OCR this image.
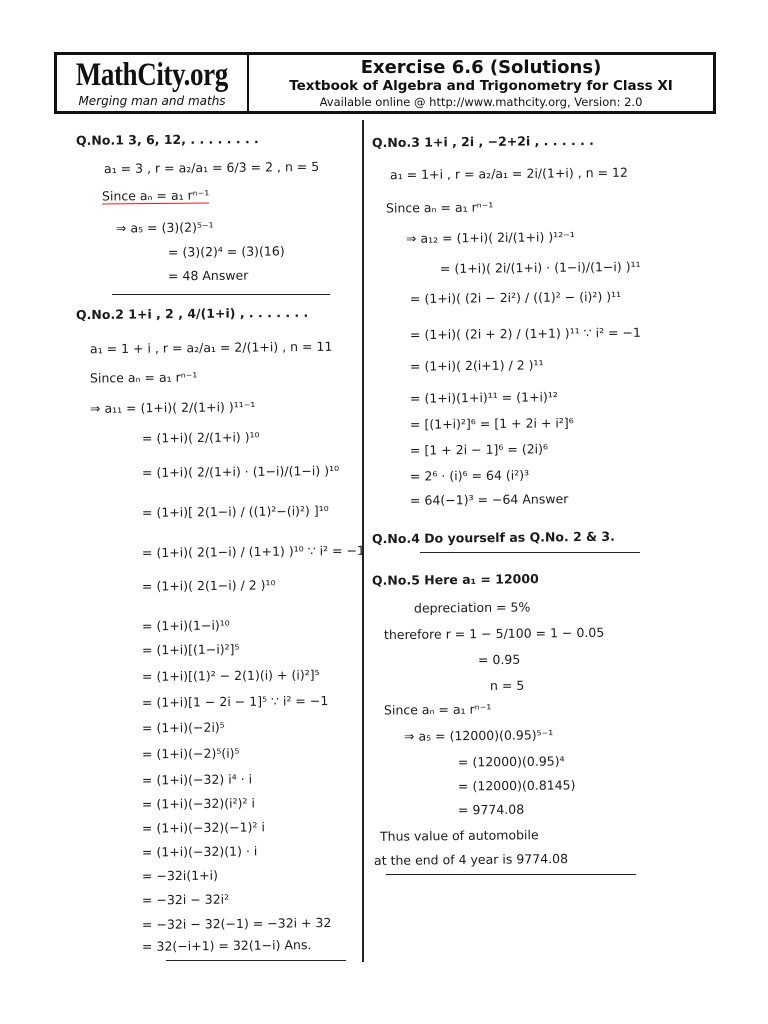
MathCity.org
Merging man and maths
Exercise 6.6 (Solutions)
Textbook of Algebra and Trigonometry for Class XI
Available online @ http://www.mathcity.org, Version: 2.0
Q.No.1 3, 6, 12, . . . . . . . .
a₁ = 3 , r = a₂/a₁ = 6/3 = 2 , n = 5
Since aₙ = a₁ rⁿ⁻¹
⇒ a₅ = (3)(2)⁵⁻¹
= (3)(2)⁴ = (3)(16)
= 48 Answer
Q.No.2 1+i , 2 , 4/(1+i) , . . . . . . .
a₁ = 1 + i , r = a₂/a₁ = 2/(1+i) , n = 11
Since aₙ = a₁ rⁿ⁻¹
⇒ a₁₁ = (1+i)( 2/(1+i) )¹¹⁻¹
= (1+i)( 2/(1+i) )¹⁰
= (1+i)( 2/(1+i) · (1−i)/(1−i) )¹⁰
= (1+i)[ 2(1−i) / ((1)²−(i)²) ]¹⁰
= (1+i)( 2(1−i) / (1+1) )¹⁰ ∵ i² = −1
= (1+i)( 2(1−i) / 2 )¹⁰
= (1+i)(1−i)¹⁰
= (1+i)[(1−i)²]⁵
= (1+i)[(1)² − 2(1)(i) + (i)²]⁵
= (1+i)[1 − 2i − 1]⁵ ∵ i² = −1
= (1+i)(−2i)⁵
= (1+i)(−2)⁵(i)⁵
= (1+i)(−32) i⁴ · i
= (1+i)(−32)(i²)² i
= (1+i)(−32)(−1)² i
= (1+i)(−32)(1) · i
= −32i(1+i)
= −32i − 32i²
= −32i − 32(−1) = −32i + 32
= 32(−i+1) = 32(1−i) Ans.
Q.No.3 1+i , 2i , −2+2i , . . . . . .
a₁ = 1+i , r = a₂/a₁ = 2i/(1+i) , n = 12
Since aₙ = a₁ rⁿ⁻¹
⇒ a₁₂ = (1+i)( 2i/(1+i) )¹²⁻¹
= (1+i)( 2i/(1+i) · (1−i)/(1−i) )¹¹
= (1+i)( (2i − 2i²) / ((1)² − (i)²) )¹¹
= (1+i)( (2i + 2) / (1+1) )¹¹ ∵ i² = −1
= (1+i)( 2(i+1) / 2 )¹¹
= (1+i)(1+i)¹¹ = (1+i)¹²
= [(1+i)²]⁶ = [1 + 2i + i²]⁶
= [1 + 2i − 1]⁶ = (2i)⁶
= 2⁶ · (i)⁶ = 64 (i²)³
= 64(−1)³ = −64 Answer
Q.No.4 Do yourself as Q.No. 2 & 3.
Q.No.5 Here a₁ = 12000
depreciation = 5%
therefore r = 1 − 5/100 = 1 − 0.05
= 0.95
n = 5
Since aₙ = a₁ rⁿ⁻¹
⇒ a₅ = (12000)(0.95)⁵⁻¹
= (12000)(0.95)⁴
= (12000)(0.8145)
= 9774.08
Thus value of automobile
at the end of 4 year is 9774.08
